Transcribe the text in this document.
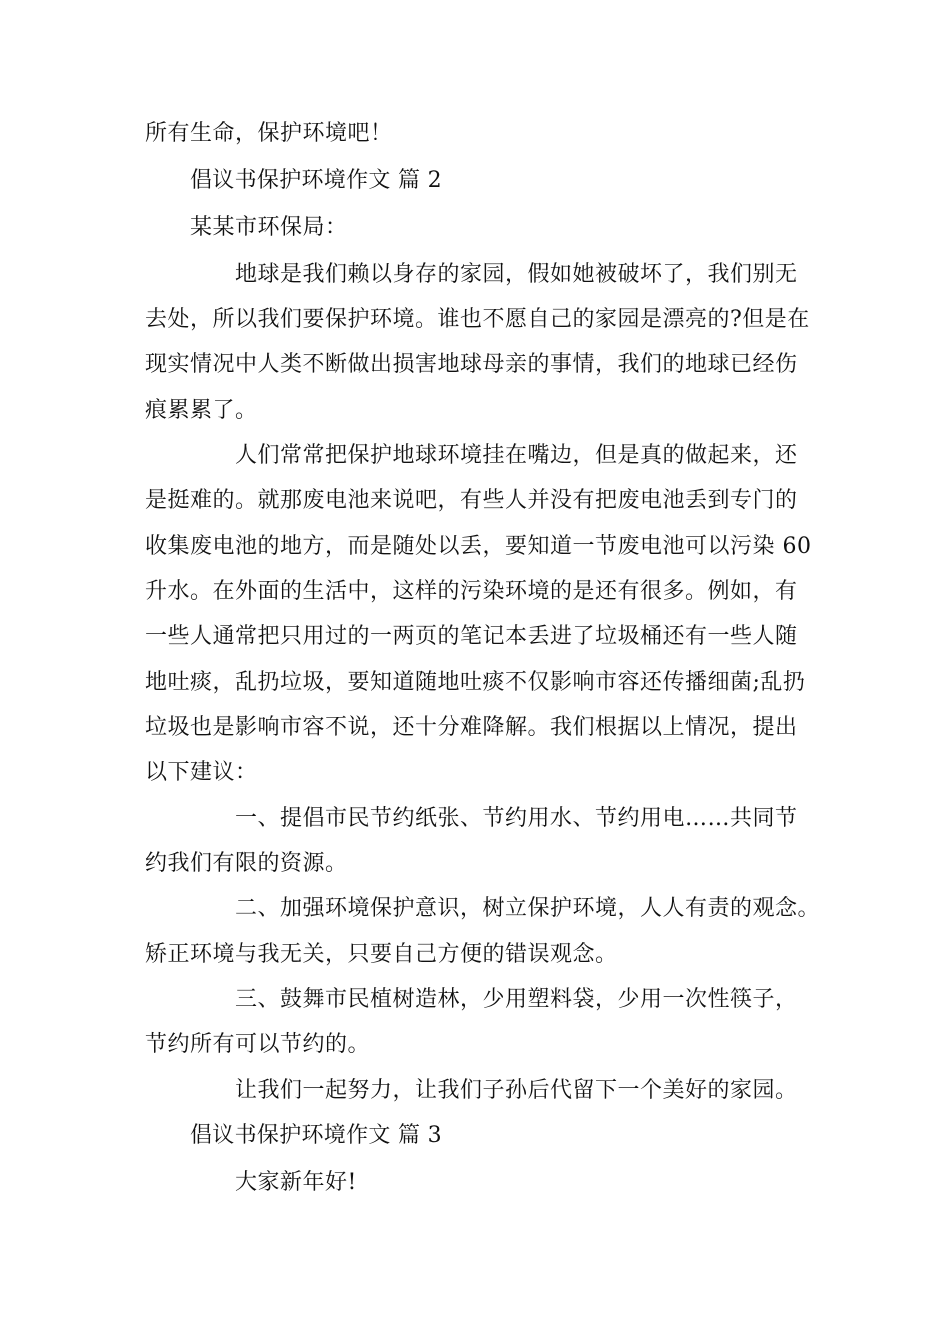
所有生命，保护环境吧！
倡议书保护环境作文 篇 2
某某市环保局：
地球是我们赖以身存的家园，假如她被破坏了，我们别无
去处，所以我们要保护环境。谁也不愿自己的家园是漂亮的?但是在
现实情况中人类不断做出损害地球母亲的事情，我们的地球已经伤
痕累累了。
人们常常把保护地球环境挂在嘴边，但是真的做起来，还
是挺难的。就那废电池来说吧，有些人并没有把废电池丢到专门的
收集废电池的地方，而是随处以丢，要知道一节废电池可以污染 60
升水。在外面的生活中，这样的污染环境的是还有很多。例如，有
一些人通常把只用过的一两页的笔记本丢进了垃圾桶还有一些人随
地吐痰，乱扔垃圾，要知道随地吐痰不仅影响市容还传播细菌;乱扔
垃圾也是影响市容不说，还十分难降解。我们根据以上情况，提出
以下建议：
一、提倡市民节约纸张、节约用水、节约用电……共同节
约我们有限的资源。
二、加强环境保护意识，树立保护环境，人人有责的观念。
矫正环境与我无关，只要自己方便的错误观念。
三、鼓舞市民植树造林，少用塑料袋，少用一次性筷子，
节约所有可以节约的。
让我们一起努力，让我们子孙后代留下一个美好的家园。
倡议书保护环境作文 篇 3
大家新年好!
